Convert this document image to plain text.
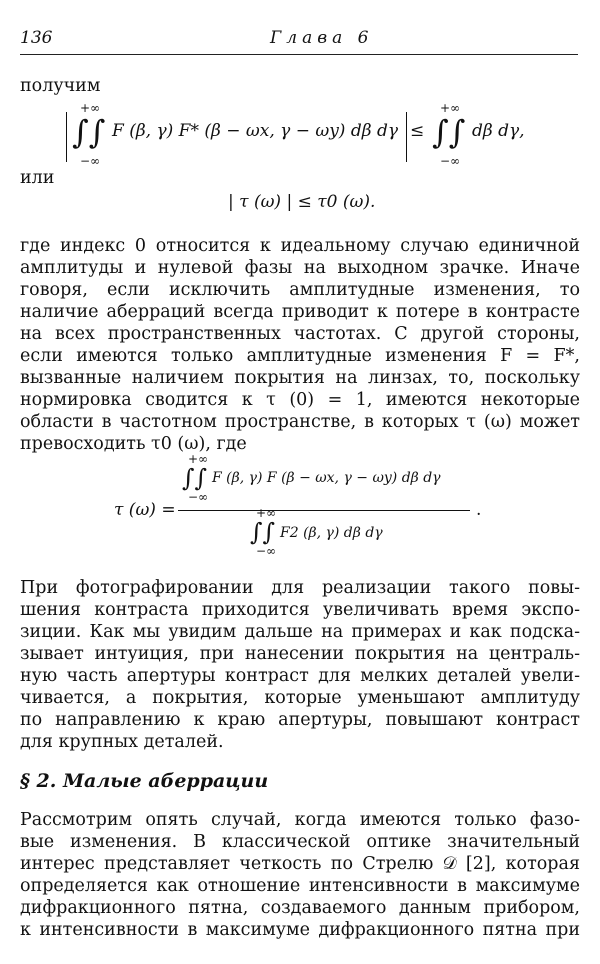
136	Глава 6
получим
+∞
∫∫
−∞
F (β, γ) F* (β − ωx, γ − ωy) dβ dγ ≤
+∞
∫∫
−∞
dβ dγ,
или
| τ (ω) | ≤ τ0 (ω).
где индекс 0 относится к идеальному случаю единичной
амплитуды и нулевой фазы на выходном зрачке. Иначе
говоря, если исключить амплитудные изменения, то
наличие аберраций всегда приводит к потере в контрасте
на всех пространственных частотах. С другой стороны,
если имеются только амплитудные изменения F = F*,
вызванные наличием покрытия на линзах, то, поскольку
нормировка сводится к τ (0) = 1, имеются некоторые
области в частотном пространстве, в которых τ (ω) может
превосходить τ0 (ω), где
τ (ω) =
+∞
∫∫
−∞
F (β, γ) F (β − ωx, γ − ωy) dβ dγ
+∞
∫∫
−∞
F2 (β, γ) dβ dγ
.
При фотографировании для реализации такого повы-
шения контраста приходится увеличивать время экспо-
зиции. Как мы увидим дальше на примерах и как подска-
зывает интуиция, при нанесении покрытия на централь-
ную часть апертуры контраст для мелких деталей увели-
чивается, а покрытия, которые уменьшают амплитуду
по направлению к краю апертуры, повышают контраст
для крупных деталей.
§ 2. Малые аберрации
Рассмотрим опять случай, когда имеются только фазо-
вые изменения. В классической оптике значительный
интерес представляет четкость по Стрелю 𝒟 [2], которая
определяется как отношение интенсивности в максимуме
дифракционного пятна, создаваемого данным прибором,
к интенсивности в максимуме дифракционного пятна при
